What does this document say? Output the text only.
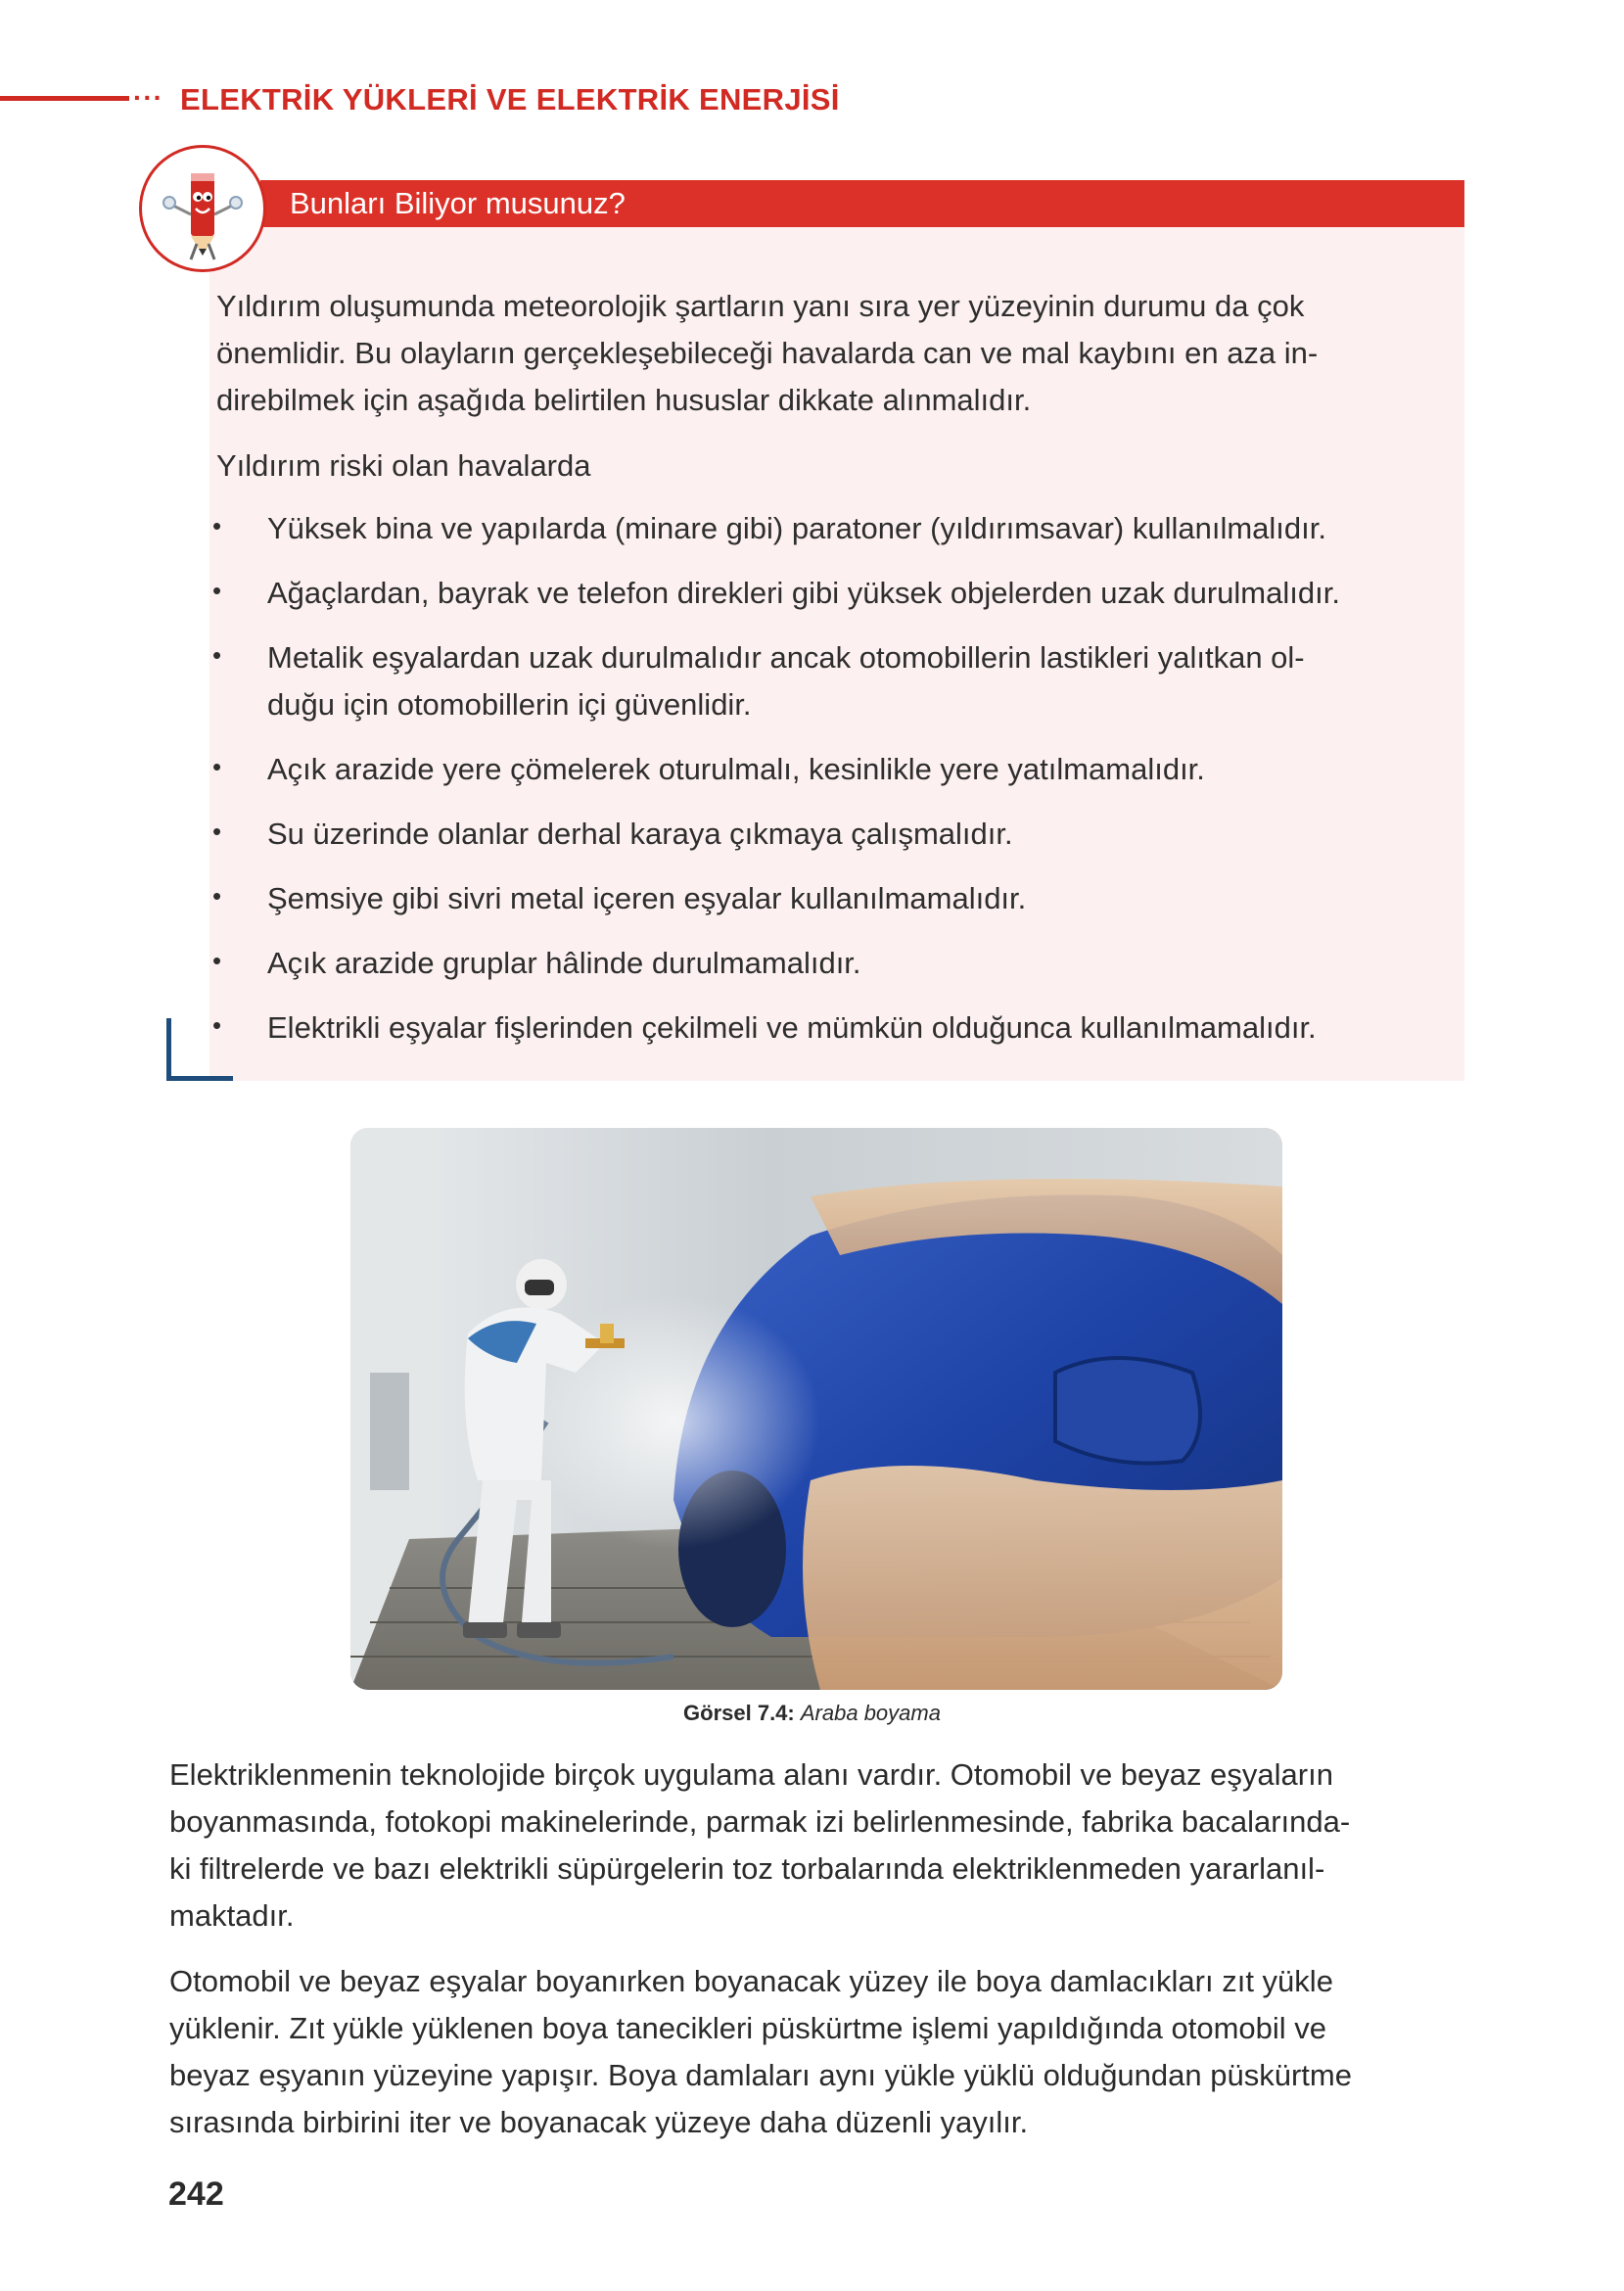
··· ELEKTRİK YÜKLERİ VE ELEKTRİK ENERJİSİ
Bunları Biliyor musunuz?
Yıldırım oluşumunda meteorolojik şartların yanı sıra yer yüzeyinin durumu da çok
önemlidir. Bu olayların gerçekleşebileceği havalarda can ve mal kaybını en aza in-
direbilmek için aşağıda belirtilen hususlar dikkate alınmalıdır.
Yıldırım riski olan havalarda
• Yüksek bina ve yapılarda (minare gibi) paratoner (yıldırımsavar) kullanılmalıdır.
• Ağaçlardan, bayrak ve telefon direkleri gibi yüksek objelerden uzak durulmalıdır.
• Metalik eşyalardan uzak durulmalıdır ancak otomobillerin lastikleri yalıtkan ol-
duğu için otomobillerin içi güvenlidir.
• Açık arazide yere çömelerek oturulmalı, kesinlikle yere yatılmamalıdır.
• Su üzerinde olanlar derhal karaya çıkmaya çalışmalıdır.
• Şemsiye gibi sivri metal içeren eşyalar kullanılmamalıdır.
• Açık arazide gruplar hâlinde durulmamalıdır.
• Elektrikli eşyalar fişlerinden çekilmeli ve mümkün olduğunca kullanılmamalıdır.
Görsel 7.4: Araba boyama
Elektriklenmenin teknolojide birçok uygulama alanı vardır. Otomobil ve beyaz eşyaların
boyanmasında, fotokopi makinelerinde, parmak izi belirlenmesinde, fabrika bacalarında-
ki filtrelerde ve bazı elektrikli süpürgelerin toz torbalarında elektriklenmeden yararlanıl-
maktadır.
Otomobil ve beyaz eşyalar boyanırken boyanacak yüzey ile boya damlacıkları zıt yükle
yüklenir. Zıt yükle yüklenen boya tanecikleri püskürtme işlemi yapıldığında otomobil ve
beyaz eşyanın yüzeyine yapışır. Boya damlaları aynı yükle yüklü olduğundan püskürtme
sırasında birbirini iter ve boyanacak yüzeye daha düzenli yayılır.
242
